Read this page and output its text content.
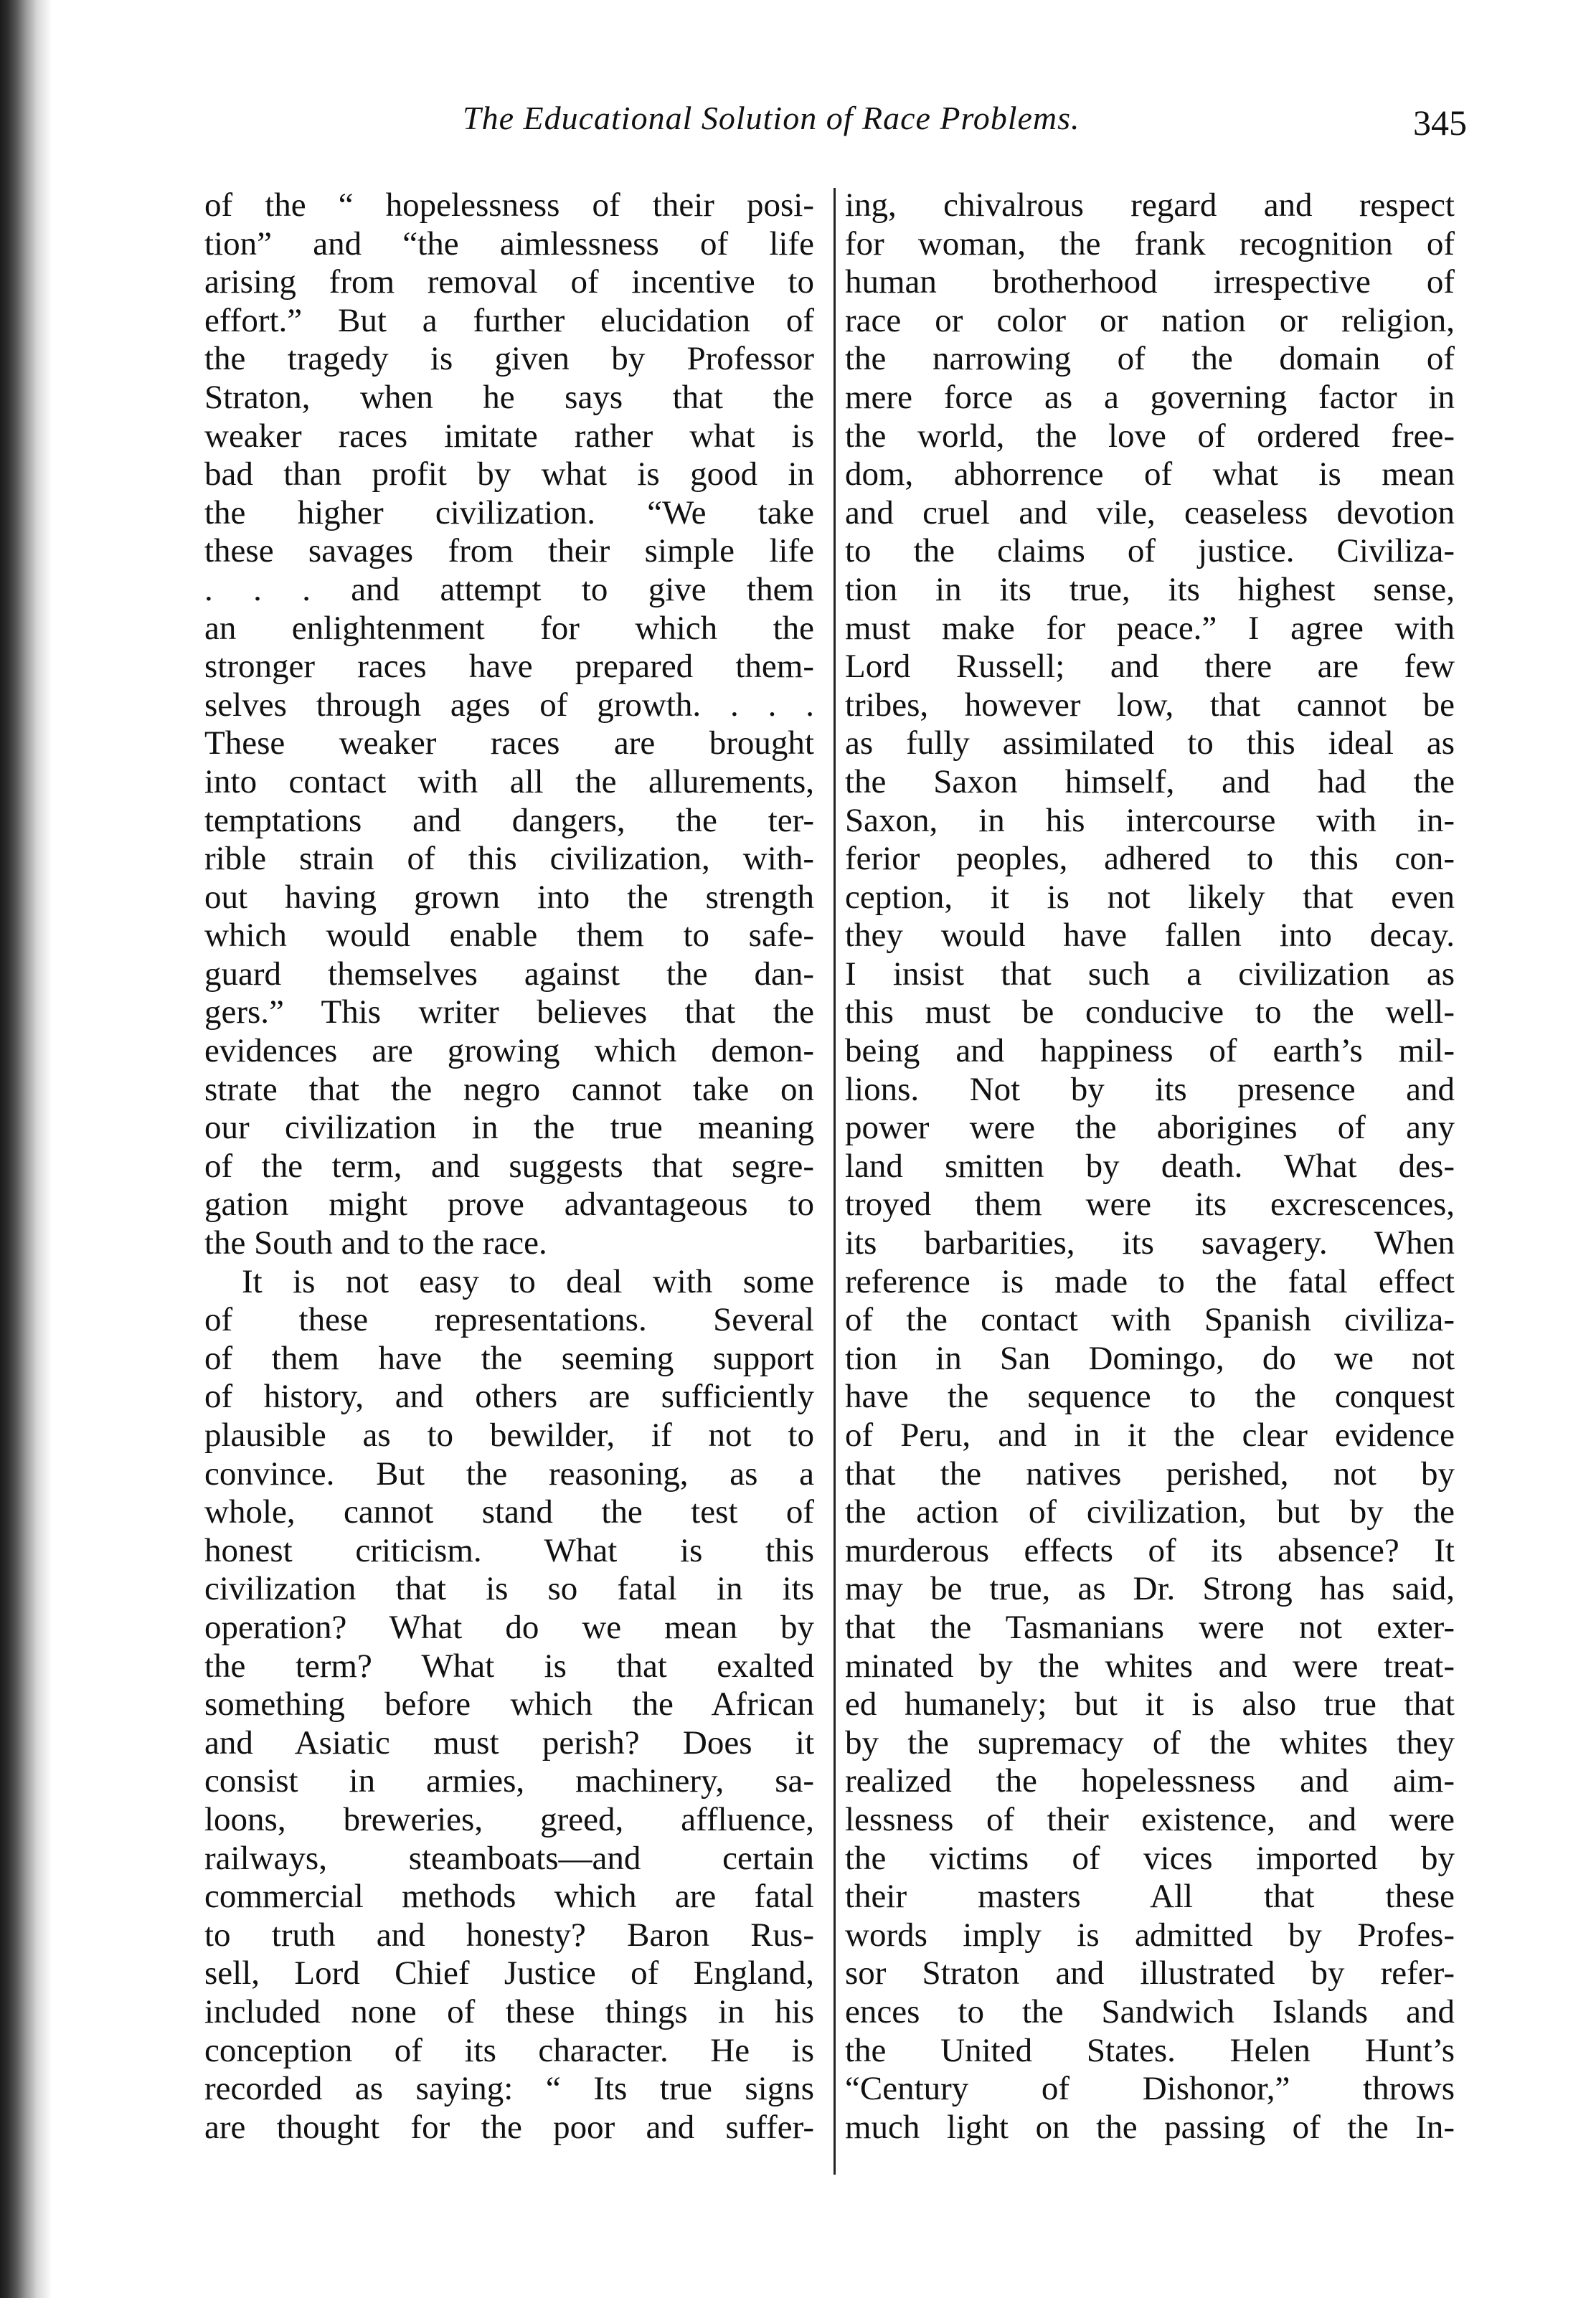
The Educational Solution of Race Problems.	345
of the “ hopelessness of their posi-
tion” and “the aimlessness of life
arising from removal of incentive to
effort.” But a further elucidation of
the tragedy is given by Professor
Straton, when he says that the
weaker races imitate rather what is
bad than profit by what is good in
the higher civilization. “We take
these savages from their simple life
. . . and attempt to give them
an enlightenment for which the
stronger races have prepared them-
selves through ages of growth. . . .
These weaker races are brought
into contact with all the allurements,
temptations and dangers, the ter-
rible strain of this civilization, with-
out having grown into the strength
which would enable them to safe-
guard themselves against the dan-
gers.” This writer believes that the
evidences are growing which demon-
strate that the negro cannot take on
our civilization in the true meaning
of the term, and suggests that segre-
gation might prove advantageous to
the South and to the race.
It is not easy to deal with some
of these representations. Several
of them have the seeming support
of history, and others are sufficiently
plausible as to bewilder, if not to
convince. But the reasoning, as a
whole, cannot stand the test of
honest criticism. What is this
civilization that is so fatal in its
operation? What do we mean by
the term? What is that exalted
something before which the African
and Asiatic must perish? Does it
consist in armies, machinery, sa-
loons, breweries, greed, affluence,
railways, steamboats—and certain
commercial methods which are fatal
to truth and honesty? Baron Rus-
sell, Lord Chief Justice of England,
included none of these things in his
conception of its character. He is
recorded as saying: “ Its true signs
are thought for the poor and suffer-
ing, chivalrous regard and respect
for woman, the frank recognition of
human brotherhood irrespective of
race or color or nation or religion,
the narrowing of the domain of
mere force as a governing factor in
the world, the love of ordered free-
dom, abhorrence of what is mean
and cruel and vile, ceaseless devotion
to the claims of justice. Civiliza-
tion in its true, its highest sense,
must make for peace.” I agree with
Lord Russell; and there are few
tribes, however low, that cannot be
as fully assimilated to this ideal as
the Saxon himself, and had the
Saxon, in his intercourse with in-
ferior peoples, adhered to this con-
ception, it is not likely that even
they would have fallen into decay.
I insist that such a civilization as
this must be conducive to the well-
being and happiness of earth’s mil-
lions. Not by its presence and
power were the aborigines of any
land smitten by death. What des-
troyed them were its excrescences,
its barbarities, its savagery. When
reference is made to the fatal effect
of the contact with Spanish civiliza-
tion in San Domingo, do we not
have the sequence to the conquest
of Peru, and in it the clear evidence
that the natives perished, not by
the action of civilization, but by the
murderous effects of its absence? It
may be true, as Dr. Strong has said,
that the Tasmanians were not exter-
minated by the whites and were treat-
ed humanely; but it is also true that
by the supremacy of the whites they
realized the hopelessness and aim-
lessness of their existence, and were
the victims of vices imported by
their masters All that these
words imply is admitted by Profes-
sor Straton and illustrated by refer-
ences to the Sandwich Islands and
the United States. Helen Hunt’s
“Century of Dishonor,” throws
much light on the passing of the In-
